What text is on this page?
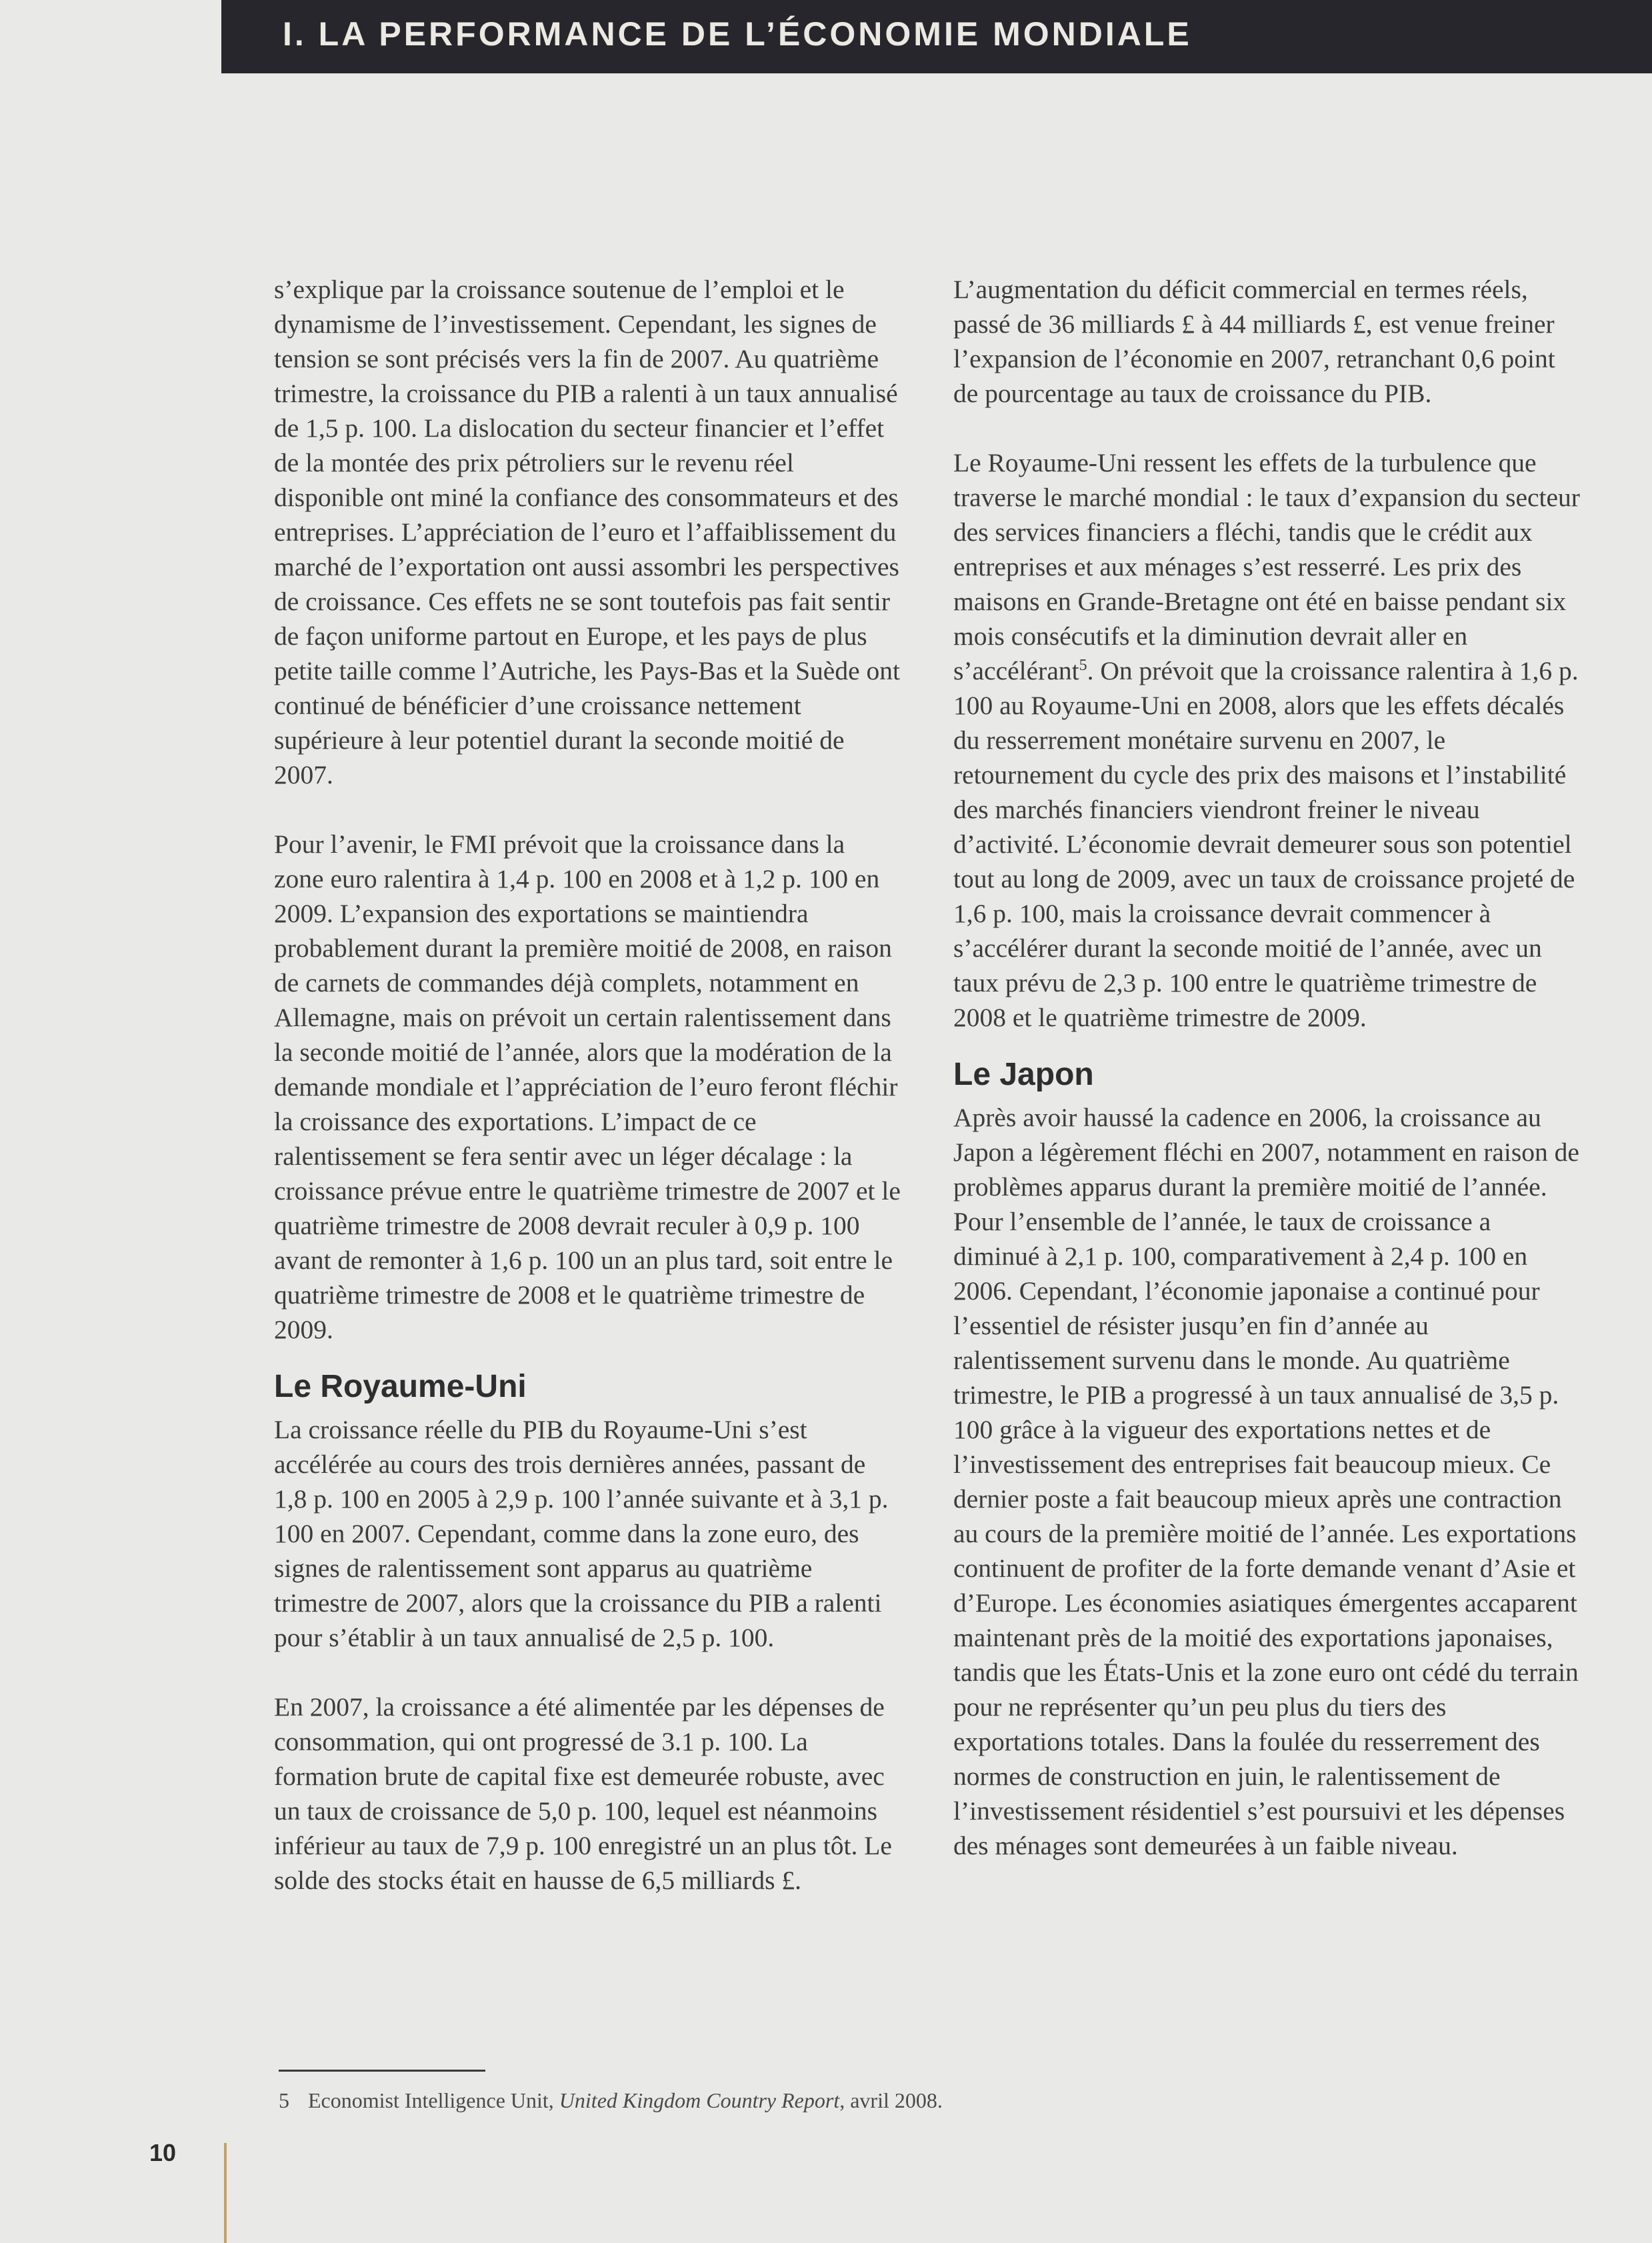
I. LA PERFORMANCE DE L’ÉCONOMIE MONDIALE

s’explique par la croissance soutenue de l’emploi et le dynamisme de l’investissement. Cependant, les signes de tension se sont précisés vers la fin de 2007. Au quatrième trimestre, la croissance du PIB a ralenti à un taux annualisé de 1,5 p. 100. La dislocation du secteur financier et l’effet de la montée des prix pétroliers sur le revenu réel disponible ont miné la confiance des consommateurs et des entreprises. L’appréciation de l’euro et l’affaiblissement du marché de l’exportation ont aussi assombri les perspectives de croissance. Ces effets ne se sont toutefois pas fait sentir de façon uniforme partout en Europe, et les pays de plus petite taille comme l’Autriche, les Pays-Bas et la Suède ont continué de bénéficier d’une croissance nettement supérieure à leur potentiel durant la seconde moitié de 2007.

Pour l’avenir, le FMI prévoit que la croissance dans la zone euro ralentira à 1,4 p. 100 en 2008 et à 1,2 p. 100 en 2009. L’expansion des exportations se maintiendra probablement durant la première moitié de 2008, en raison de carnets de commandes déjà complets, notamment en Allemagne, mais on prévoit un certain ralentissement dans la seconde moitié de l’année, alors que la modération de la demande mondiale et l’appréciation de l’euro feront fléchir la croissance des exportations. L’impact de ce ralentissement se fera sentir avec un léger décalage : la croissance prévue entre le quatrième trimestre de 2007 et le quatrième trimestre de 2008 devrait reculer à 0,9 p. 100 avant de remonter à 1,6 p. 100 un an plus tard, soit entre le quatrième trimestre de 2008 et le quatrième trimestre de 2009.

Le Royaume-Uni

La croissance réelle du PIB du Royaume-Uni s’est accélérée au cours des trois dernières années, passant de 1,8 p. 100 en 2005 à 2,9 p. 100 l’année suivante et à 3,1 p. 100 en 2007. Cependant, comme dans la zone euro, des signes de ralentissement sont apparus au quatrième trimestre de 2007, alors que la croissance du PIB a ralenti pour s’établir à un taux annualisé de 2,5 p. 100.

En 2007, la croissance a été alimentée par les dépenses de consommation, qui ont progressé de 3.1 p. 100. La formation brute de capital fixe est demeurée robuste, avec un taux de croissance de 5,0 p. 100, lequel est néanmoins inférieur au taux de 7,9 p. 100 enregistré un an plus tôt. Le solde des stocks était en hausse de 6,5 milliards £.

L’augmentation du déficit commercial en termes réels, passé de 36 milliards £ à 44 milliards £, est venue freiner l’expansion de l’économie en 2007, retranchant 0,6 point de pourcentage au taux de croissance du PIB.

Le Royaume-Uni ressent les effets de la turbulence que traverse le marché mondial : le taux d’expansion du secteur des services financiers a fléchi, tandis que le crédit aux entreprises et aux ménages s’est resserré. Les prix des maisons en Grande-Bretagne ont été en baisse pendant six mois consécutifs et la diminution devrait aller en s’accélérant$^5$. On prévoit que la croissance ralentira à 1,6 p. 100 au Royaume-Uni en 2008, alors que les effets décalés du resserrement monétaire survenu en 2007, le retournement du cycle des prix des maisons et l’instabilité des marchés financiers viendront freiner le niveau d’activité. L’économie devrait demeurer sous son potentiel tout au long de 2009, avec un taux de croissance projeté de 1,6 p. 100, mais la croissance devrait commencer à s’accélérer durant la seconde moitié de l’année, avec un taux prévu de 2,3 p. 100 entre le quatrième trimestre de 2008 et le quatrième trimestre de 2009.

Le Japon

Après avoir haussé la cadence en 2006, la croissance au Japon a légèrement fléchi en 2007, notamment en raison de problèmes apparus durant la première moitié de l’année. Pour l’ensemble de l’année, le taux de croissance a diminué à 2,1 p. 100, comparativement à 2,4 p. 100 en 2006. Cependant, l’économie japonaise a continué pour l’essentiel de résister jusqu’en fin d’année au ralentissement survenu dans le monde. Au quatrième trimestre, le PIB a progressé à un taux annualisé de 3,5 p. 100 grâce à la vigueur des exportations nettes et de l’investissement des entreprises fait beaucoup mieux. Ce dernier poste a fait beaucoup mieux après une contraction au cours de la première moitié de l’année. Les exportations continuent de profiter de la forte demande venant d’Asie et d’Europe. Les économies asiatiques émergentes accaparent maintenant près de la moitié des exportations japonaises, tandis que les États-Unis et la zone euro ont cédé du terrain pour ne représenter qu’un peu plus du tiers des exportations totales. Dans la foulée du resserrement des normes de construction en juin, le ralentissement de l’investissement résidentiel s’est poursuivi et les dépenses des ménages sont demeurées à un faible niveau.

5 Economist Intelligence Unit, United Kingdom Country Report, avril 2008.
10
